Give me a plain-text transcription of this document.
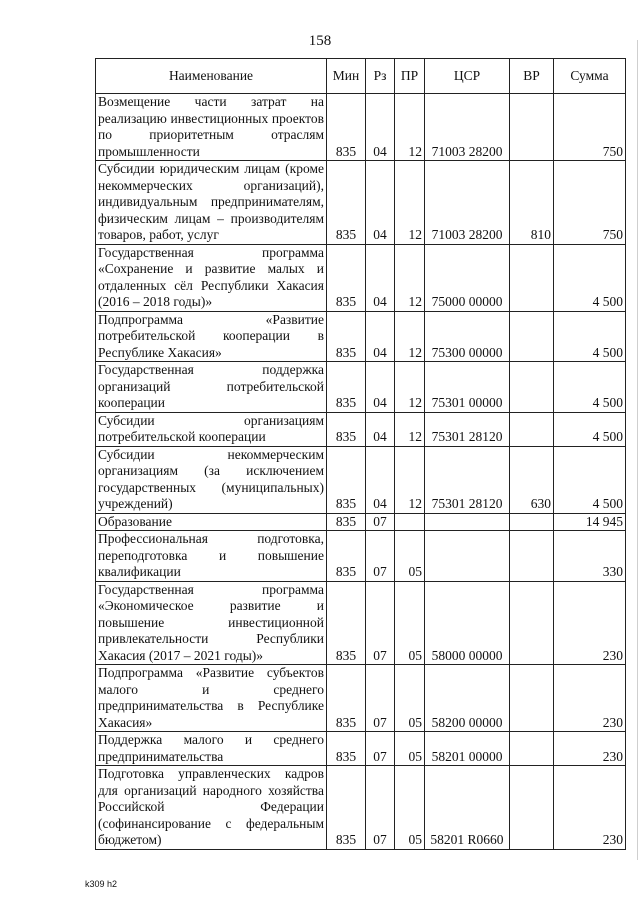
158
Наименование	Мин	Рз	ПР	ЦСР	ВР	Сумма
Возмещение части затрат на реализацию инвестиционных проектов по приоритетным отраслям промышленности	835	04	12	71003 28200		750
Субсидии юридическим лицам (кроме некоммерческих организаций), индивидуальным предпринимателям, физическим лицам – производителям товаров, работ, услуг	835	04	12	71003 28200	810	750
Государственная программа «Сохранение и развитие малых и отдаленных сёл Республики Хакасия (2016 – 2018 годы)»	835	04	12	75000 00000		4 500
Подпрограмма «Развитие потребительской кооперации в Республике Хакасия»	835	04	12	75300 00000		4 500
Государственная поддержка организаций потребительской кооперации	835	04	12	75301 00000		4 500
Субсидии организациям потребительской кооперации	835	04	12	75301 28120		4 500
Субсидии некоммерческим организациям (за исключением государственных (муниципальных) учреждений)	835	04	12	75301 28120	630	4 500
Образование	835	07				14 945
Профессиональная подготовка, переподготовка и повышение квалификации	835	07	05			330
Государственная программа «Экономическое развитие и повышение инвестиционной привлекательности Республики Хакасия (2017 – 2021 годы)»	835	07	05	58000 00000		230
Подпрограмма «Развитие субъектов малого и среднего предпринимательства в Республике Хакасия»	835	07	05	58200 00000		230
Поддержка малого и среднего предпринимательства	835	07	05	58201 00000		230
Подготовка управленческих кадров для организаций народного хозяйства Российской Федерации (софинансирование с федеральным бюджетом)	835	07	05	58201 R0660		230
k309 h2
